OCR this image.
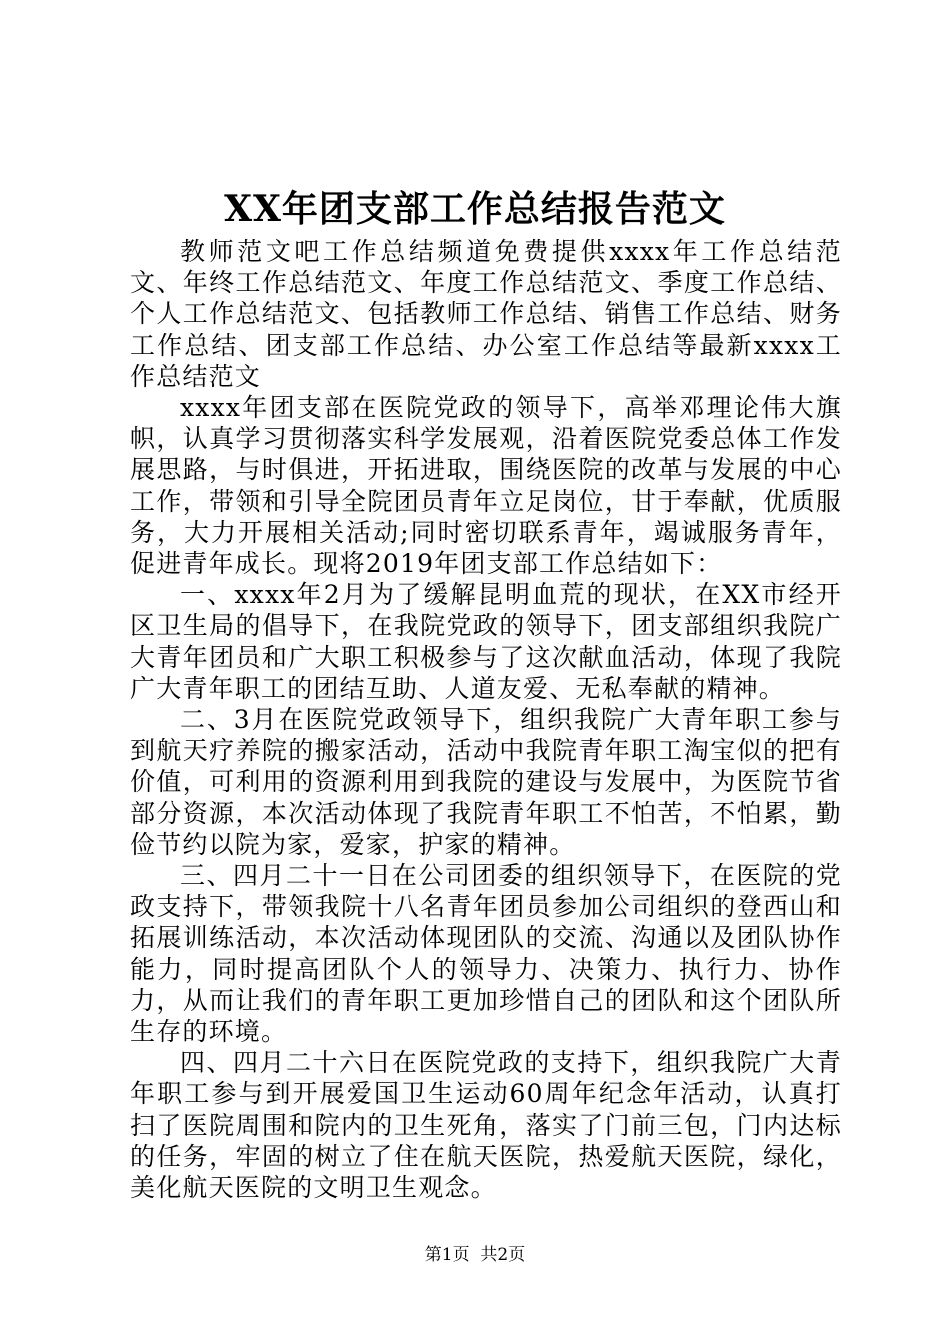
XX年团支部工作总结报告范文

教师范文吧工作总结频道免费提供xxxx年工作总结范文、年终工作总结范文、年度工作总结范文、季度工作总结、个人工作总结范文、包括教师工作总结、销售工作总结、财务工作总结、团支部工作总结、办公室工作总结等最新xxxx工作总结范文

xxxx年团支部在医院党政的领导下，高举邓理论伟大旗帜，认真学习贯彻落实科学发展观，沿着医院党委总体工作发展思路，与时俱进，开拓进取，围绕医院的改革与发展的中心工作，带领和引导全院团员青年立足岗位，甘于奉献，优质服务，大力开展相关活动;同时密切联系青年，竭诚服务青年，促进青年成长。现将2019年团支部工作总结如下：

一、xxxx年2月为了缓解昆明血荒的现状，在XX市经开区卫生局的倡导下，在我院党政的领导下，团支部组织我院广大青年团员和广大职工积极参与了这次献血活动，体现了我院广大青年职工的团结互助、人道友爱、无私奉献的精神。

二、3月在医院党政领导下，组织我院广大青年职工参与到航天疗养院的搬家活动，活动中我院青年职工淘宝似的把有价值，可利用的资源利用到我院的建设与发展中，为医院节省部分资源，本次活动体现了我院青年职工不怕苦，不怕累，勤俭节约以院为家，爱家，护家的精神。

三、四月二十一日在公司团委的组织领导下，在医院的党政支持下，带领我院十八名青年团员参加公司组织的登西山和拓展训练活动，本次活动体现团队的交流、沟通以及团队协作能力，同时提高团队个人的领导力、决策力、执行力、协作力，从而让我们的青年职工更加珍惜自己的团队和这个团队所生存的环境。

四、四月二十六日在医院党政的支持下，组织我院广大青年职工参与到开展爱国卫生运动60周年纪念年活动，认真打扫了医院周围和院内的卫生死角，落实了门前三包，门内达标的任务，牢固的树立了住在航天医院，热爱航天医院，绿化，美化航天医院的文明卫生观念。

第1页 共2页
